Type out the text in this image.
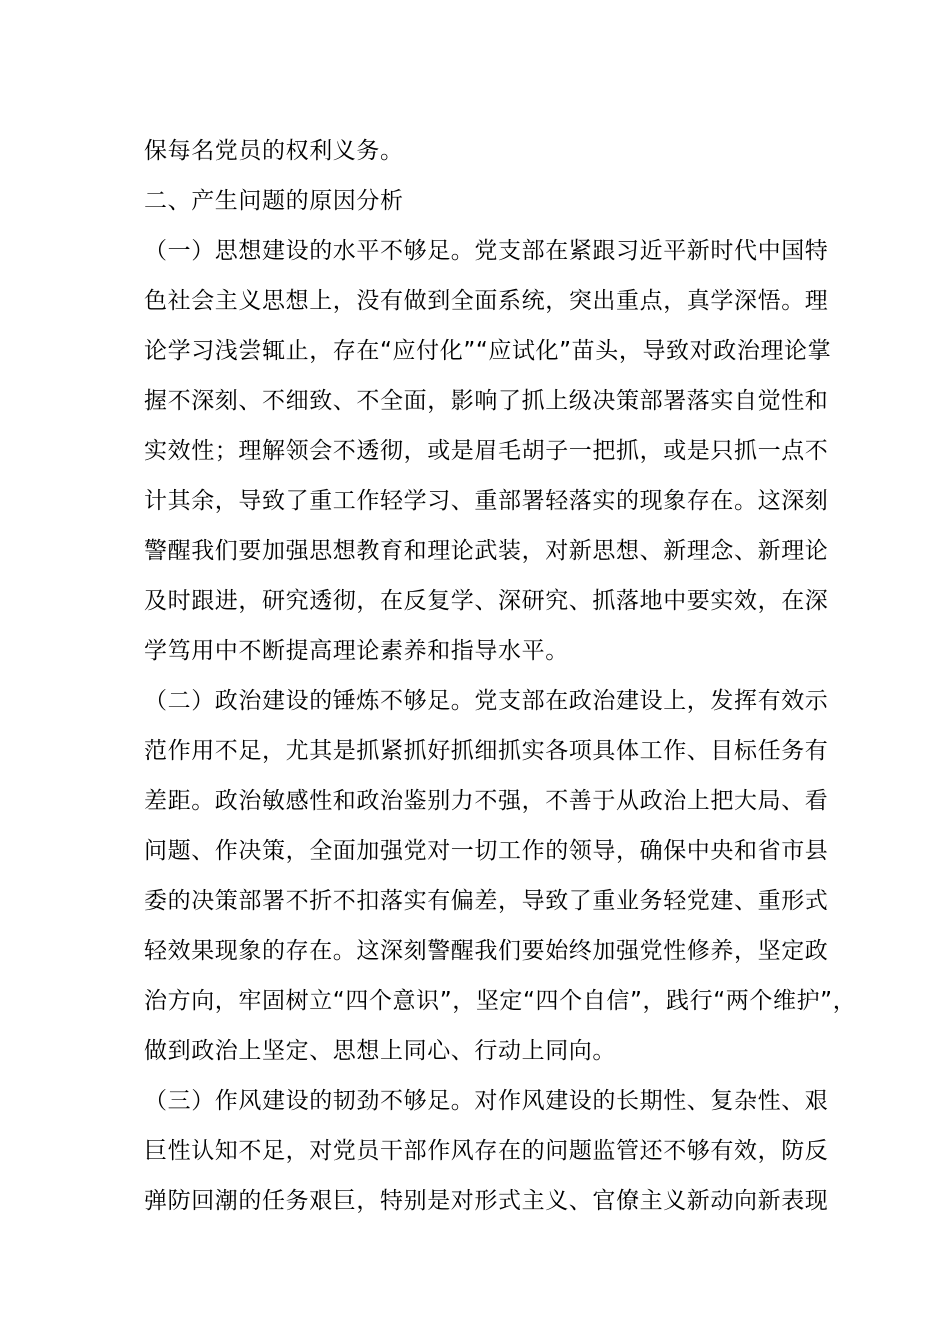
保每名党员的权利义务。
二、产生问题的原因分析
（一）思想建设的水平不够足。党支部在紧跟习近平新时代中国特
色社会主义思想上，没有做到全面系统，突出重点，真学深悟。理
论学习浅尝辄止，存在“应付化”“应试化”苗头，导致对政治理论掌
握不深刻、不细致、不全面，影响了抓上级决策部署落实自觉性和
实效性；理解领会不透彻，或是眉毛胡子一把抓，或是只抓一点不
计其余，导致了重工作轻学习、重部署轻落实的现象存在。这深刻
警醒我们要加强思想教育和理论武装，对新思想、新理念、新理论
及时跟进，研究透彻，在反复学、深研究、抓落地中要实效，在深
学笃用中不断提高理论素养和指导水平。
（二）政治建设的锤炼不够足。党支部在政治建设上，发挥有效示
范作用不足，尤其是抓紧抓好抓细抓实各项具体工作、目标任务有
差距。政治敏感性和政治鉴别力不强，不善于从政治上把大局、看
问题、作决策，全面加强党对一切工作的领导，确保中央和省市县
委的决策部署不折不扣落实有偏差，导致了重业务轻党建、重形式
轻效果现象的存在。这深刻警醒我们要始终加强党性修养，坚定政
治方向，牢固树立“四个意识”，坚定“四个自信”，践行“两个维护”，
做到政治上坚定、思想上同心、行动上同向。
（三）作风建设的韧劲不够足。对作风建设的长期性、复杂性、艰
巨性认知不足，对党员干部作风存在的问题监管还不够有效，防反
弹防回潮的任务艰巨，特别是对形式主义、官僚主义新动向新表现
